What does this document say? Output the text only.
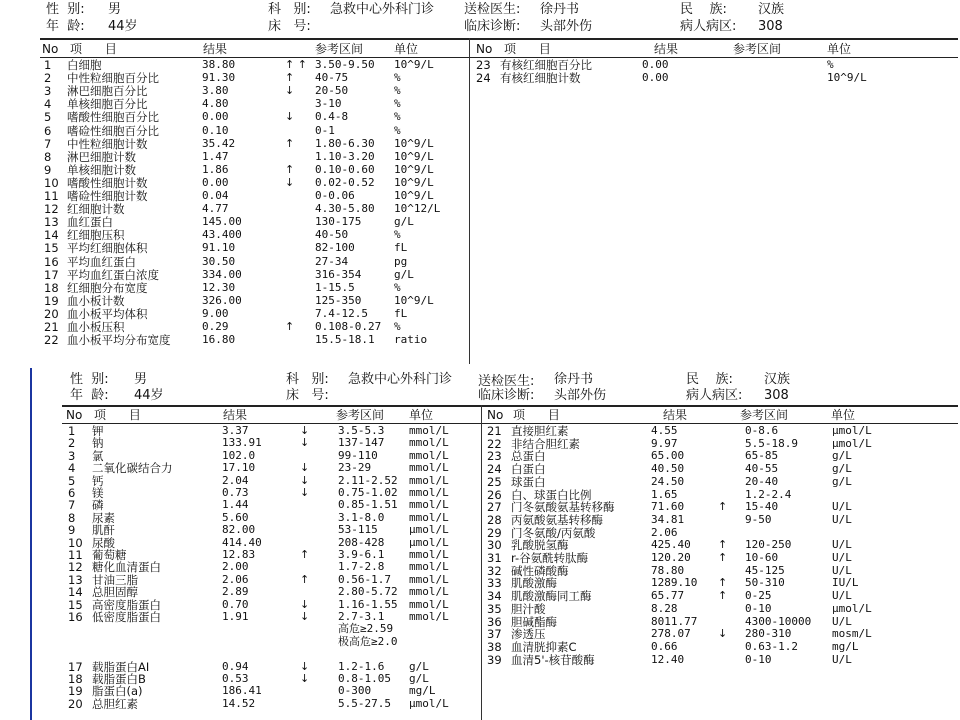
性  别: 男
年  龄: 44岁
科   别: 急救中心外科门诊
床   号:
送检医生: 徐丹书
临床诊断: 头部外伤
民    族: 汉族
病人病区: 308
No 项      目	结果	参考区间	单位	No 项      目	结果	参考区间	单位
1 白细胞	38.80	↑ ↑ 3.50-9.50 10^9/L
2 中性粒细胞百分比	91.30	↑ 40-75	%
3 淋巴细胞百分比	3.80	↓ 20-50	%
4 单核细胞百分比	4.80	3-10	%
5 嗜酸性细胞百分比	0.00	↓ 0.4-8	%
6 嗜硷性细胞百分比	0.10	0-1	%
7 中性粒细胞计数	35.42	↑ 1.80-6.30 10^9/L
8 淋巴细胞计数	1.47	1.10-3.20 10^9/L
9 单核细胞计数	1.86	↑ 0.10-0.60 10^9/L
10 嗜酸性细胞计数	0.00	↓ 0.02-0.52 10^9/L
11 嗜硷性细胞计数	0.04	0-0.06	10^9/L
12 红细胞计数	4.77	4.30-5.80 10^12/L
13 血红蛋白	145.00	130-175	g/L
14 红细胞压积	43.400	40-50	%
15 平均红细胞体积	91.10	82-100	fL
16 平均血红蛋白	30.50	27-34	pg
17 平均血红蛋白浓度	334.00	316-354	g/L
18 红细胞分布宽度	12.30	1-15.5	%
19 血小板计数	326.00	125-350	10^9/L
20 血小板平均体积	9.00	7.4-12.5 fL
21 血小板压积	0.29	↑ 0.108-0.27 %
22 血小板平均分布宽度	16.80	15.5-18.1 ratio
23 有核红细胞百分比	0.00	%
24 有核红细胞计数	0.00	10^9/L
性  别: 男
年  龄: 44岁
科   别: 急救中心外科门诊
床   号:
送检医生: 徐丹书
临床诊断: 头部外伤
民    族: 汉族
病人病区: 308
No 项      目	结果	参考区间 单位	No 项      目	结果	参考区间	单位
1 钾	3.37	↓	3.5-5.3 mmol/L
2 钠	133.91	↓	137-147 mmol/L
3 氯	102.0	99-110	mmol/L
4 二氧化碳结合力	17.10	↓	23-29	mmol/L
5 钙	2.04	↓	2.11-2.52 mmol/L
6 镁	0.73	↓	0.75-1.02 mmol/L
7 磷	1.44	0.85-1.51 mmol/L
8 尿素	5.60	3.1-8.0 mmol/L
9 肌酐	82.00	53-115	μmol/L
10 尿酸	414.40	208-428 μmol/L
11 葡萄糖	12.83	↑	3.9-6.1 mmol/L
12 糖化血清蛋白	2.00	1.7-2.8 mmol/L
13 甘油三脂	2.06	↑	0.56-1.7 mmol/L
14 总胆固醇	2.89	2.80-5.72 mmol/L
15 高密度脂蛋白	0.70	↓	1.16-1.55 mmol/L
16 低密度脂蛋白	1.91	↓	2.7-3.1 mmol/L
高危≥2.59
极高危≥2.0
17 载脂蛋白AI	0.94	↓	1.2-1.6 g/L
18 载脂蛋白B	0.53	↓	0.8-1.05 g/L
19 脂蛋白(a)	186.41	0-300	mg/L
20 总胆红素	14.52	5.5-27.5 μmol/L
21 直接胆红素	4.55	0-8.6	μmol/L
22 非结合胆红素	9.97	5.5-18.9	μmol/L
23 总蛋白	65.00	65-85	g/L
24 白蛋白	40.50	40-55	g/L
25 球蛋白	24.50	20-40	g/L
26 白、球蛋白比例	1.65	1.2-2.4
27 门冬氨酸氨基转移酶	71.60	↑ 15-40	U/L
28 丙氨酸氨基转移酶	34.81	9-50	U/L
29 门冬氨酸/丙氨酸	2.06
30 乳酸脱氢酶	425.40 ↑ 120-250	U/L
31 r-谷氨酰转肽酶	120.20 ↑ 10-60	U/L
32 碱性磷酸酶	78.80	45-125	U/L
33 肌酸激酶	1289.10 ↑ 50-310	IU/L
34 肌酸激酶同工酶	65.77	↑ 0-25	U/L
35 胆汁酸	8.28	0-10	μmol/L
36 胆碱酯酶	8011.77	4300-10000 U/L
37 渗透压	278.07 ↓ 280-310	mosm/L
38 血清胱抑素C	0.66	0.63-1.2	mg/L
39 血清5'-核苷酸酶	12.40	0-10	U/L
